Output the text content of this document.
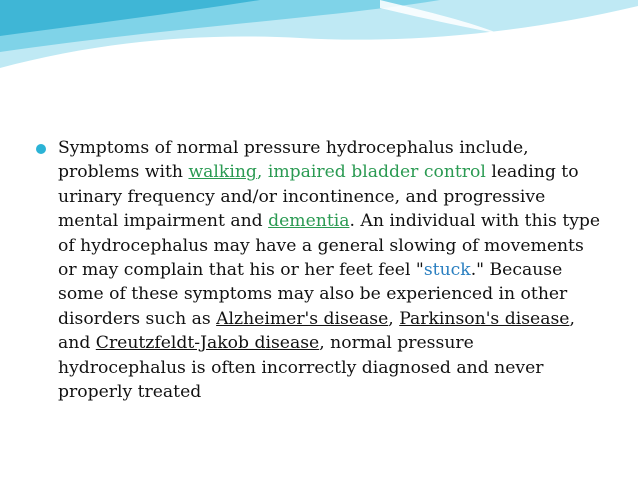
Symptoms of normal pressure hydrocephalus include, problems with walking, impaired bladder control leading to urinary frequency and/or incontinence, and progressive mental impairment and dementia. An individual with this type of hydrocephalus may have a general slowing of movements or may complain that his or her feet feel "stuck." Because some of these symptoms may also be experienced in other disorders such as Alzheimer's disease, Parkinson's disease, and Creutzfeldt-Jakob disease, normal pressure hydrocephalus is often incorrectly diagnosed and never properly treated
